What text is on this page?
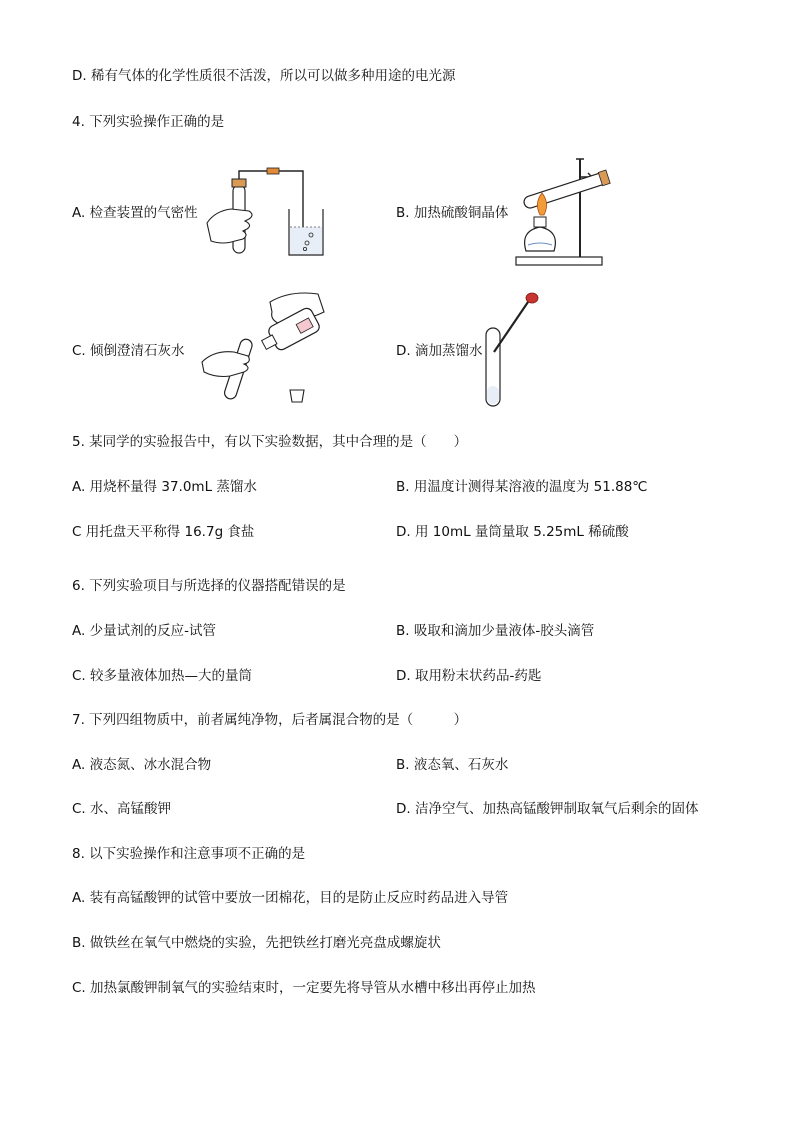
D. 稀有气体的化学性质很不活泼，所以可以做多种用途的电光源
4. 下列实验操作正确的是
A. 检查装置的气密性	B. 加热硫酸铜晶体
C. 倾倒澄清石灰水	D. 滴加蒸馏水
5. 某同学的实验报告中，有以下实验数据，其中合理的是（　　）
A. 用烧杯量得 37.0mL 蒸馏水	B. 用温度计测得某溶液的温度为 51.88℃
C 用托盘天平称得 16.7g 食盐	D. 用 10mL 量筒量取 5.25mL 稀硫酸
6. 下列实验项目与所选择的仪器搭配错误的是
A. 少量试剂的反应-试管	B. 吸取和滴加少量液体-胶头滴管
C. 较多量液体加热—大的量筒	D. 取用粉末状药品-药匙
7. 下列四组物质中，前者属纯净物，后者属混合物的是（　　　）
A. 液态氮、冰水混合物	B. 液态氧、石灰水
C. 水、高锰酸钾	D. 洁净空气、加热高锰酸钾制取氧气后剩余的固体
8. 以下实验操作和注意事项不正确的是
A. 装有高锰酸钾的试管中要放一团棉花，目的是防止反应时药品进入导管
B. 做铁丝在氧气中燃烧的实验，先把铁丝打磨光亮盘成螺旋状
C. 加热氯酸钾制氧气的实验结束时，一定要先将导管从水槽中移出再停止加热
